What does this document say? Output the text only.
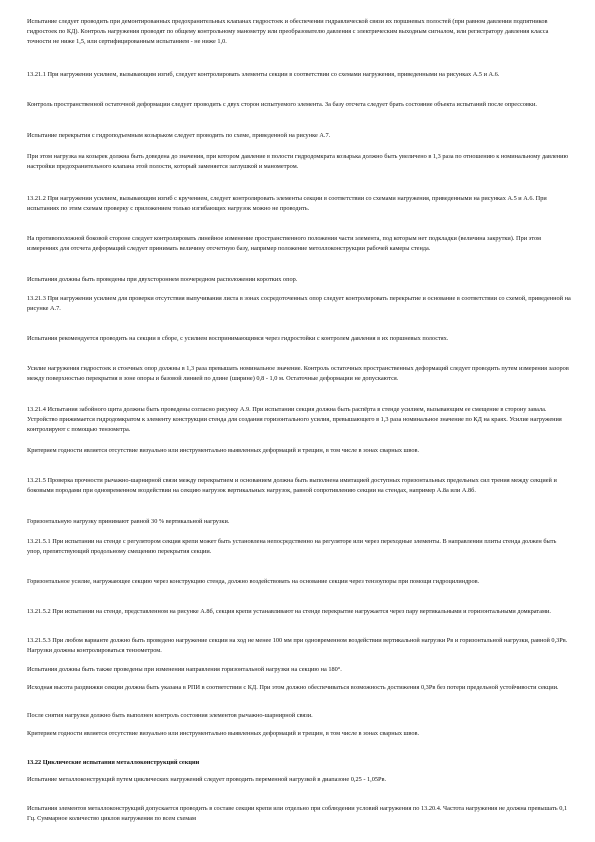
Испытание следует проводить при демонтированных предохранительных клапанах гидростоек и обеспечении гидравлической связи их поршневых полостей (при равном давлении подпятников гидростоек по КД). Контроль нагружения проводят по общему контрольному манометру или преобразователю давления с электрическим выходным сигналом, или регистратору давления класса точности не ниже 1,5, или сертифицированным испытанием - не ниже 1,0.

13.21.1 При нагружении усилием, вызывающим изгиб, следует контролировать элементы секции в соответствии со схемами нагружения, приведенными на рисунках А.5 и А.6.

Контроль пространственной остаточной деформации следует проводить с двух сторон испытуемого элемента. За базу отсчета следует брать состояние объекта испытаний после опрессовки.

Испытание перекрытия с гидроподъемным козырьком следует проводить по схеме, приведенной на рисунке А.7.

При этом нагрузка на козырек должна быть доведена до значения, при котором давление в полости гидродомкрата козырька должно быть увеличено в 1,3 раза по отношению к номинальному давлению настройки предохранительного клапана этой полости, который заменяется заглушкой и манометром.

13.21.2 При нагружении усилием, вызывающим изгиб с кручением, следует контролировать элементы секции в соответствии со схемами нагружения, приведенными на рисунках А.5 и А.6. При испытаниях по этим схемам проверку с приложением только изгибающих нагрузок можно не проводить.

На противоположной боковой стороне следует контролировать линейное изменение пространственного положения части элемента, под которым нет подкладки (величина закрутки). При этом измерениях для отсчета деформаций следует принимать величину отсчетную базу, например положение метоллоконструкции рабочей камеры стенда.

Испытания должны быть проведены при двухстороннем поочередном расположении коротких опор.

13.21.3 При нагружении усилием для проверки отсутствия выпучивания листа в зонах сосредоточенных опор следует контролировать перекрытие и основание в соответствии со схемой, приведенной на рисунке А.7.

Испытания рекомендуется проводить на секции в сборе, с усилием воспринимающимся через гидростойки с контролем давления в их поршневых полостях.

Усилие нагружения гидростоек и стоечных опор должны в 1,3 раза превышать номинальное значение. Контроль остаточных пространственных деформаций следует проводить путем измерения зазоров между поверхностью перекрытия в зоне опоры и базовой линией по длине (ширине) 0,8 - 1,0 м. Остаточные деформации не допускаются.

13.21.4 Испытания забойного щита должны быть проведены согласно рисунку А.9. При испытании секция должна быть распёрта в стенде усилием, вызывающим ее смещение в сторону завала. Устройство прижимается гидродомкратом к элементу конструкции стенда для создания горизонтального усилия, превышающего в 1,3 раза номинальное значение по КД на краях. Усилие нагружения контролируют с помощью тензометра.

Критерием годности является отсутствие визуально или инструментально выявленных деформаций и трещин, в том числе в зонах сварных швов.

13.21.5 Проверка прочности рычажно-шарнирной связи между перекрытием и основанием должна быть выполнена имитацией доступных горизонтальных предельных сил трения между секцией и боковыми породами при одновременном воздействии на секцию нагрузок вертикальных нагрузок, равной сопротивлению секции на стендах, например А.8а или А.8б.

Горизонтальную нагрузку принимают равной 30 % вертикальной нагрузки.

13.21.5.1 При испытании на стенде с регулятором секция крепи может быть установлена непосредственно на регуляторе или через переходные элементы. В направлении плиты стенда должен быть упор, препятствующий продольному смещению перекрытия секции.

Горизонтальное усилие, нагружающее секцию через конструкцию стенда, должно воздействовать на основание секции через тензоупоры при помощи гидроцилиндров.

13.21.5.2 При испытании на стенде, представленном на рисунке А.8б, секция крепи устанавливают на стенде перекрытие нагружается через пару вертикальными и горизонтальными домкратами.

13.21.5.3 При любом варианте должно быть проведено нагружение секции на ход не менее 100 мм при одновременном воздействии вертикальной нагрузки Pв и горизонтальной нагрузки, равной 0,3Pв. Нагрузки должны контролироваться тензометром.

Испытания должны быть также проведены при изменении направления горизонтальной нагрузки на секцию на 180°.

Исходная высота раздвижки секции должна быть указана в РПИ в соответствии с КД. При этом должно обеспечиваться возможность достижения 0,3Pв без потери предельной устойчивости секции.

После снятия нагрузки должно быть выполнен контроль состояния элементов рычажно-шарнирной связи.

Критерием годности является отсутствие визуально или инструментально выявленных деформаций и трещин, в том числе в зонах сварных швов.

13.22 Циклические испытания металлоконструкций секции

Испытание металлоконструкций путем циклических нагружений следует проводить переменной нагрузкой в диапазоне 0,25 - 1,05Pв.

Испытания элементов металлоконструкций допускается проводить в составе секции крепи или отдельно при соблюдении условий нагружения по 13.20.4. Частота нагружения не должна превышать 0,1 Гц. Суммарное количество циклов нагружения по всем схемам
